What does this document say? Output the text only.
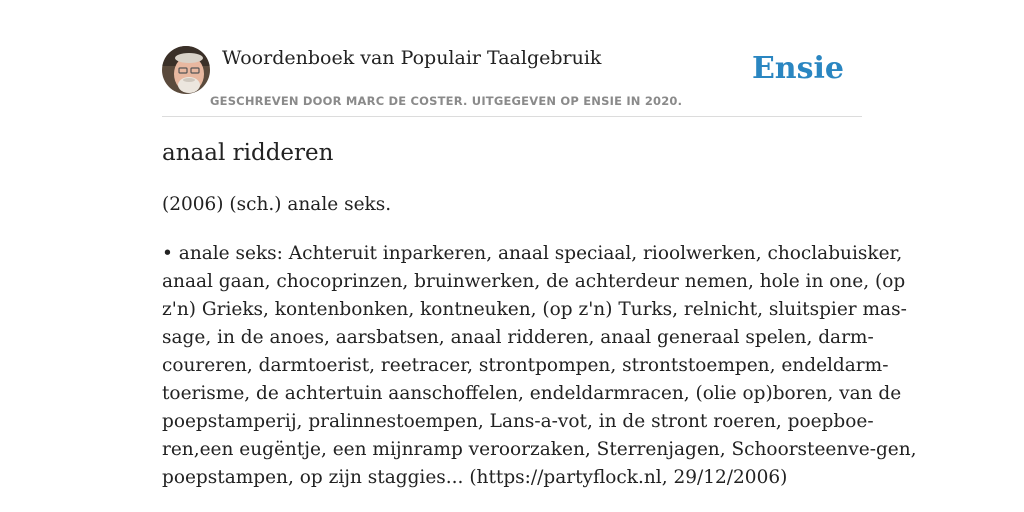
Woordenboek van Populair Taalgebruik
GESCHREVEN DOOR MARC DE COSTER. UITGEGEVEN OP ENSIE IN 2020.
Ensie
anaal ridderen
(2006) (sch.) anale seks.
• anale seks: Achteruit inparkeren, anaal speciaal, rioolwerken, choclabuisker,
anaal gaan, chocoprinzen, bruinwerken, de achterdeur nemen, hole in one, (op
z'n) Grieks, kontenbonken, kontneuken, (op z'n) Turks, relnicht, sluitspier mas-
sage, in de anoes, aarsbatsen, anaal ridderen, anaal generaal spelen, darm-
coureren, darmtoerist, reetracer, strontpompen, strontstoempen, endeldarm-
toerisme, de achtertuin aanschoffelen, endeldarmracen, (olie op)boren, van de
poepstamperij, pralinnestoempen, Lans-a-vot, in de stront roeren, poepboe-
ren,een eugëntje, een mijnramp veroorzaken, Sterrenjagen, Schoorsteenve-gen,
poepstampen, op zijn staggies... (https://partyflock.nl, 29/12/2006)
